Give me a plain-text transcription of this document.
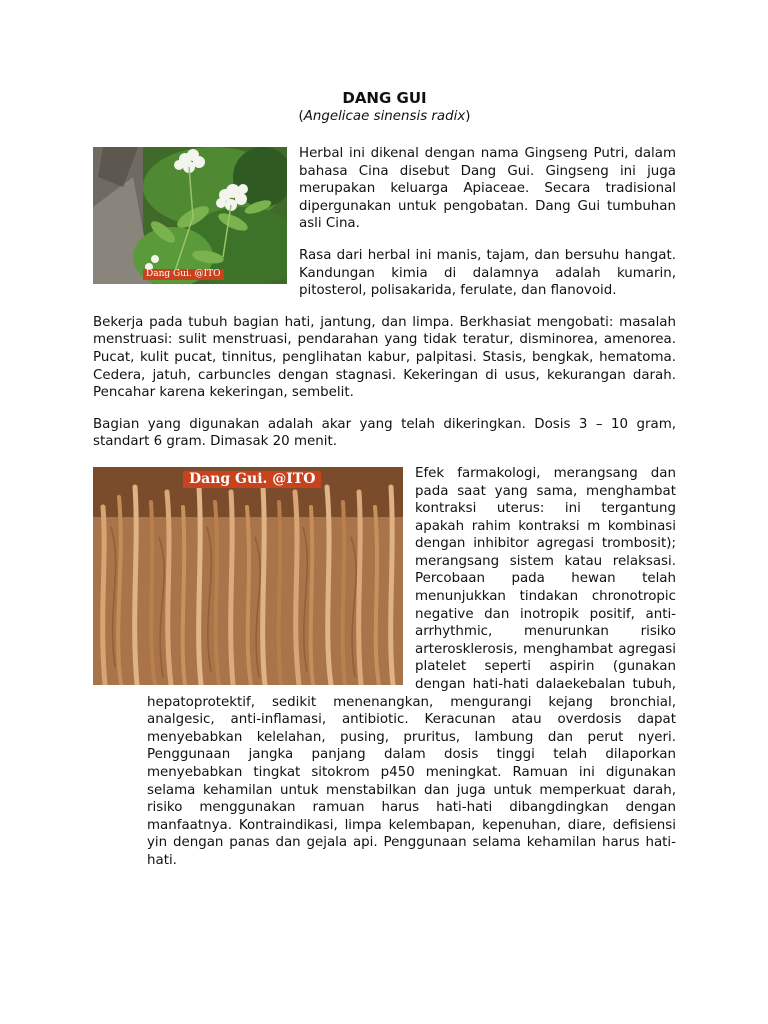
DANG GUI
(Angelicae sinensis radix)
Dang Gui. @ITO

Herbal ini dikenal dengan nama Gingseng Putri, dalam bahasa Cina disebut Dang Gui. Gingseng ini juga merupakan keluarga Apiaceae. Secara tradisional dipergunakan untuk pengobatan. Dang Gui tumbuhan asli Cina.

Rasa dari herbal ini manis, tajam, dan bersuhu hangat. Kandungan kimia di dalamnya adalah kumarin, pitosterol, polisakarida, ferulate, dan flanovoid.

Bekerja pada tubuh bagian hati, jantung, dan limpa. Berkhasiat mengobati: masalah menstruasi: sulit menstruasi, pendarahan yang tidak teratur, disminorea, amenorea. Pucat, kulit pucat, tinnitus, penglihatan kabur, palpitasi. Stasis, bengkak, hematoma. Cedera, jatuh, carbuncles dengan stagnasi. Kekeringan di usus, kekurangan darah. Pencahar karena kekeringan, sembelit.

Bagian yang digunakan adalah akar yang telah dikeringkan. Dosis 3 – 10 gram, standart 6 gram. Dimasak 20 menit.

Dang Gui. @ITO	Efek farmakologi, merangsang dan pada saat yang sama, menghambat kontraksi uterus: ini tergantung apakah rahim kontraksi m kombinasi dengan inhibitor agregasi trombosit); merangsang sistem katau relaksasi. Percobaan pada hewan telah menunjukkan tindakan chronotropic negative dan inotropik positif, anti-arrhythmic, menurunkan risiko arterosklerosis, menghambat agregasi platelet seperti aspirin (gunakan dengan hati-hati dalaekebalan tubuh, hepatoprotektif, sedikit menenangkan, mengurangi kejang bronchial, analgesic, anti-inflamasi, antibiotic. Keracunan atau overdosis dapat menyebabkan kelelahan, pusing, pruritus, lambung dan perut nyeri. Penggunaan jangka panjang dalam dosis tinggi telah dilaporkan menyebabkan tingkat sitokrom p450 meningkat. Ramuan ini digunakan selama kehamilan untuk menstabilkan dan juga untuk memperkuat darah, risiko menggunakan ramuan harus hati-hati dibangdingkan dengan manfaatnya. Kontraindikasi, limpa kelembapan, kepenuhan, diare, defisiensi yin dengan panas dan gejala api. Penggunaan selama kehamilan harus hati-hati.
